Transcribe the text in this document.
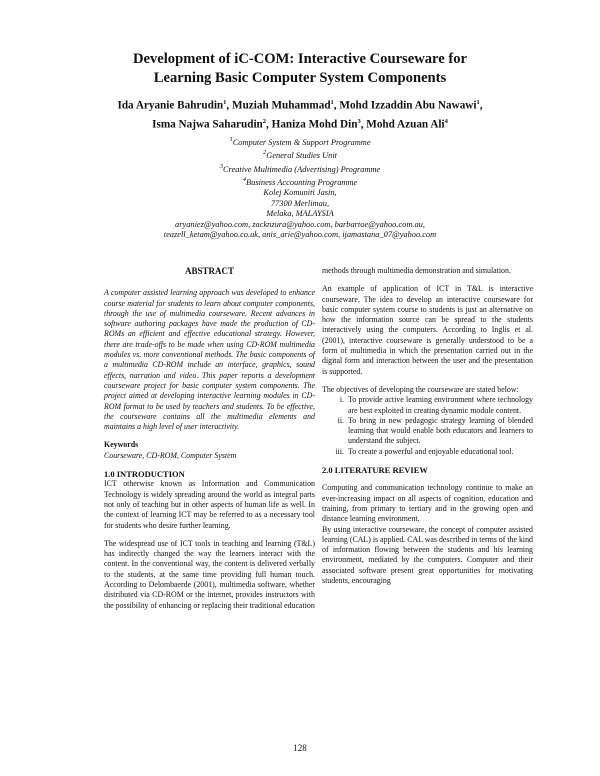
Development of iC-COM: Interactive Courseware for
Learning Basic Computer System Components
Ida Aryanie Bahrudin$^1$, Muziah Muhammad$^1$, Mohd Izzaddin Abu Nawawi$^1$,
Isma Najwa Saharudin$^2$, Haniza Mohd Din$^3$, Mohd Azuan Ali$^4$
$^1$Computer System & Support Programme
$^2$General Studies Unit
$^3$Creative Multimedia (Advertising) Programme
$^4$Business Accounting Programme
Kolej Komuniti Jasin,
77300 Merlimau,
Melaka, MALAYSIA
aryaniez@yahoo.com, zacknzura@yahoo.com, barbartoe@yahoo.com.au,
teazell_ketam@yahoo.co.uk, anis_arie@yahoo.com, ijamastana_07@yahoo.com
ABSTRACT

A computer assisted learning approach was developed to enhance course material for students to learn about computer components, through the use of multimedia courseware. Recent advances in software authoring packages have made the production of CD-ROMs an efficient and effective educational strategy. However, there are trade-offs to be made when using CD-ROM multimedia modules vs. more conventional methods. The basic components of a multimedia CD-ROM include an interface, graphics, sound effects, narration and video. This paper reports a development courseware project for basic computer system components. The project aimed at developing interactive learning modules in CD-ROM format to be used by teachers and students. To be effective, the courseware contains all the multimedia elements and maintains a high level of user interactivity.

Keywords

Courseware, CD-ROM, Computer System

1.0 INTRODUCTION

ICT otherwise known as Information and Communication Technology is widely spreading around the world as integral parts not only of teaching but in other aspects of human life as well. In the context of learning ICT may be referred to as a necessary tool for students who desire further learning.

The widespread use of ICT tools in teaching and learning (T&L) has indirectly changed the way the learners interact with the content. In the conventional way, the content is delivered verbally to the students, at the same time providing full human touch. According to Delombaerde (2001), multimedia software, whether distributed via CD-ROM or the internet, provides instructors with the possibility of enhancing or replacing their traditional education

methods through multimedia demonstration and simulation.

An example of application of ICT in T&L is interactive courseware. The idea to develop an interactive courseware for basic computer system course to students is just an alternative on how the information source can be spread to the students interactively using the computers. According to Inglis et al. (2001), interactive courseware is generally understood to be a form of multimedia in which the presentation carried out in the digital form and interaction between the user and the presentation is supported.

The objectives of developing the courseware are stated below:

i. To provide active learning environment where technology are best exploited in creating dynamic module content.
ii. To bring in new pedagogic strategy learning of blended learning that would enable both educators and learners to understand the subject.
iii. To create a powerful and enjoyable educational tool.
2.0 LITERATURE REVIEW

Computing and communication technology continue to make an ever-increasing impact on all aspects of cognition, education and training, from primary to tertiary and in the growing open and distance learning environment.

By using interactive courseware, the concept of computer assisted learning (CAL) is applied. CAL was described in terms of the kind of information flowing between the students and his learning environment, mediated by the computers. Computer and their associated software present great opportunities for motivating students, encouraging

128
